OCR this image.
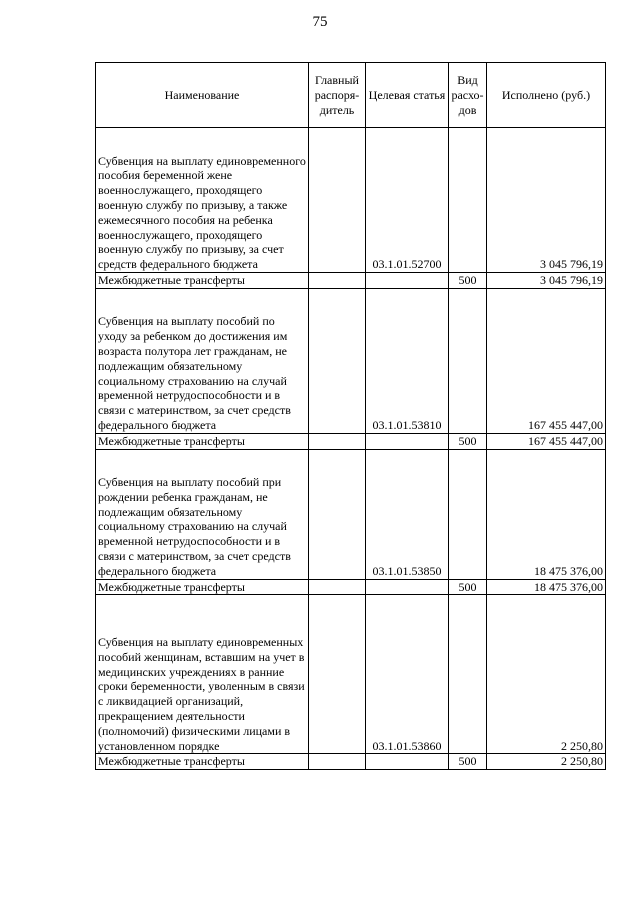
75
Наименование	Главный распоря-дитель	Целевая статья	Вид расхо-дов	Исполнено (руб.)
Субвенция на выплату единовременного пособия беременной жене военнослужащего, проходящего военную службу по призыву, а также ежемесячного пособия на ребенка военнослужащего, проходящего военную службу по призыву, за счет средств федерального бюджета		03.1.01.52700		3 045 796,19
Межбюджетные трансферты			500	3 045 796,19
Субвенция на выплату пособий по уходу за ребенком до достижения им возраста полутора лет гражданам, не подлежащим обязательному социальному страхованию на случай временной нетрудоспособности и в связи с материнством, за счет средств федерального бюджета		03.1.01.53810		167 455 447,00
Межбюджетные трансферты			500	167 455 447,00
Субвенция на выплату пособий при рождении ребенка гражданам, не подлежащим обязательному социальному страхованию на случай временной нетрудоспособности и в связи с материнством, за счет средств федерального бюджета		03.1.01.53850		18 475 376,00
Межбюджетные трансферты			500	18 475 376,00
Субвенция на выплату единовременных пособий женщинам, вставшим на учет в медицинских учреждениях в ранние сроки беременности, уволенным в связи с ликвидацией организаций, прекращением деятельности (полномочий) физическими лицами в установленном порядке		03.1.01.53860		2 250,80
Межбюджетные трансферты			500	2 250,80
